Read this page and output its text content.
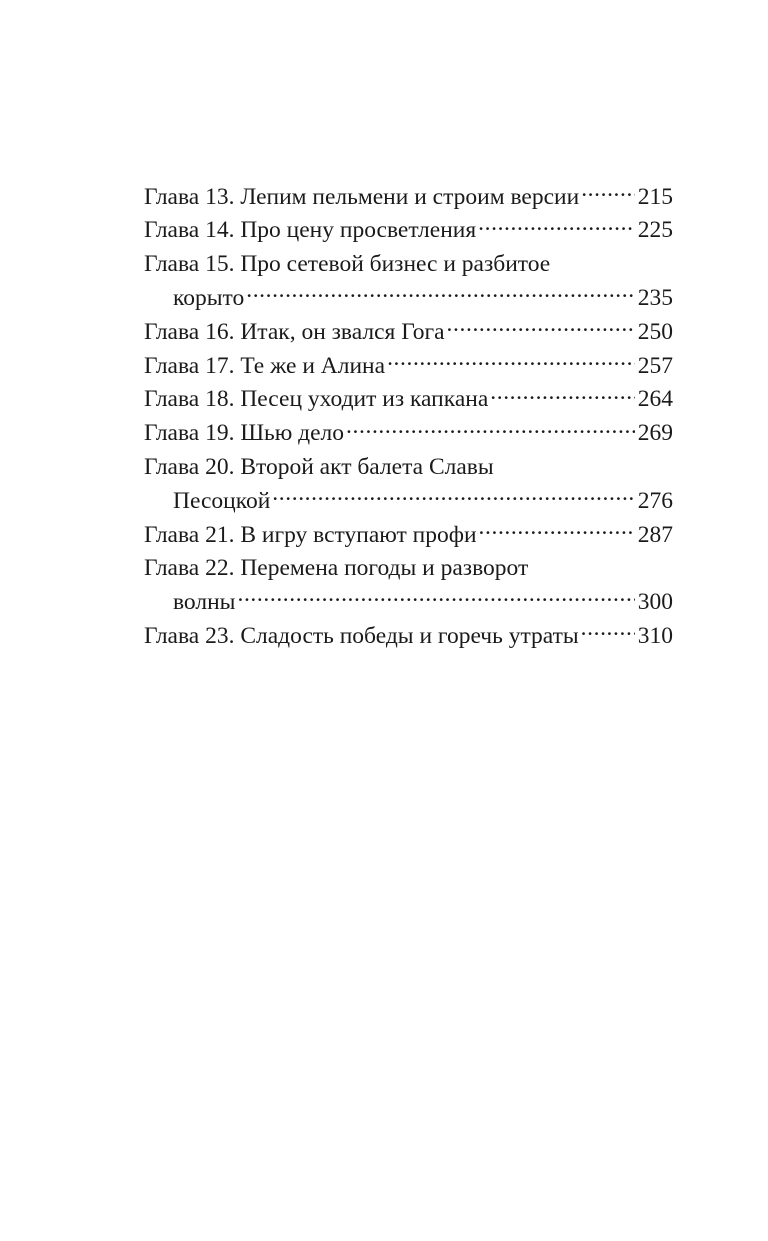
Глава 13. Лепим пельмени и строим версии ..... 215
Глава 14. Про цену просветления .....	225
Глава 15. Про сетевой бизнес и разбитое
корыто .....	235
Глава 16. Итак, он звался Гога .....	250
Глава 17. Те же и Алина .....	257
Глава 18. Песец уходит из капкана .....	264
Глава 19. Шью дело .....	269
Глава 20. Второй акт балета Славы
Песоцкой .....	276
Глава 21. В игру вступают профи .....	287
Глава 22. Перемена погоды и разворот
волны .....	300
Глава 23. Сладость победы и горечь утраты .....	310
